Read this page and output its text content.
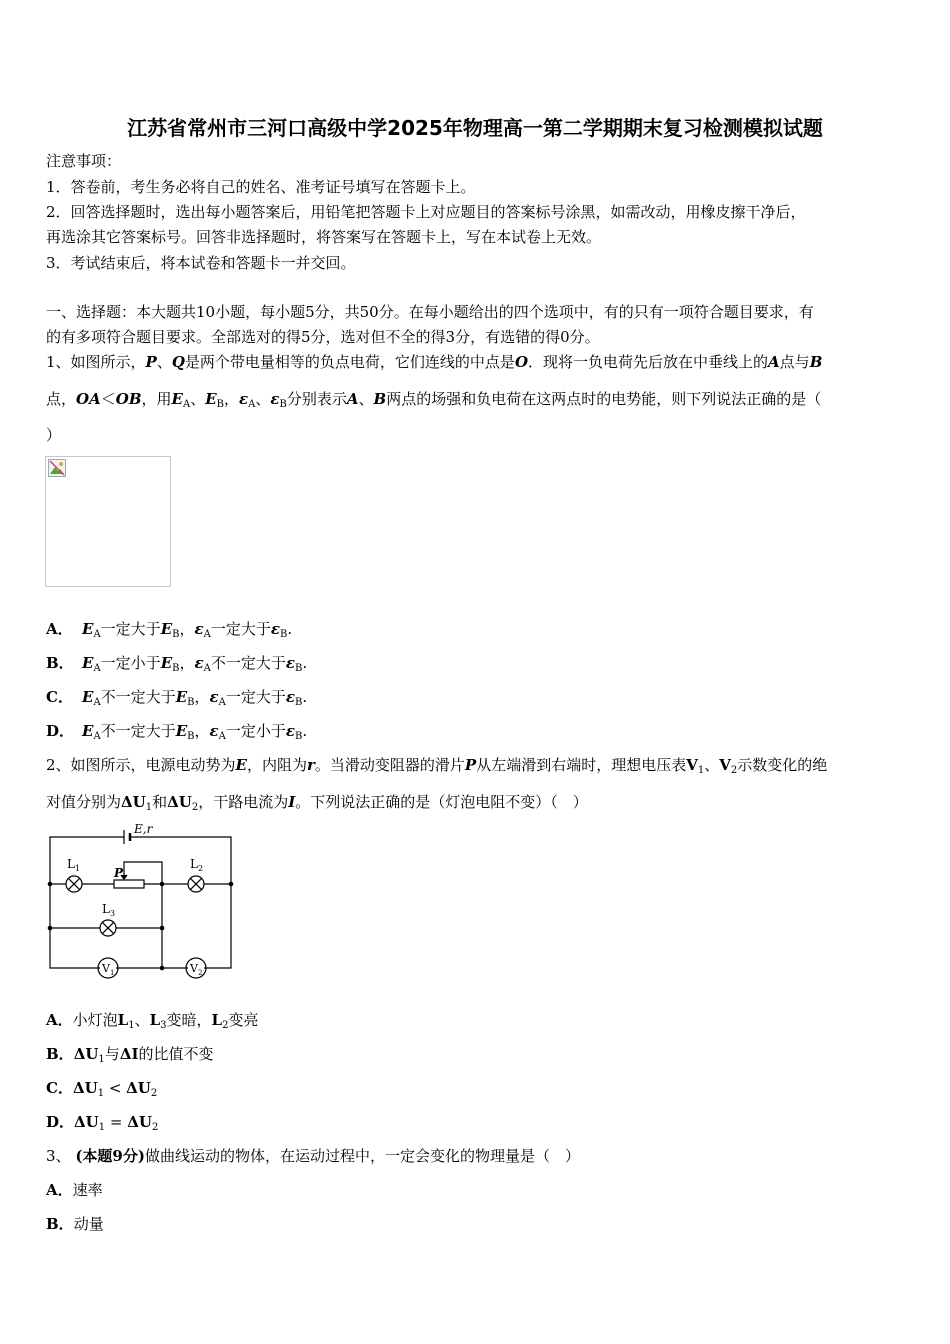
江苏省常州市三河口高级中学2025年物理高一第二学期期末复习检测模拟试题
注意事项：
1．答卷前，考生务必将自己的姓名、准考证号填写在答题卡上。
2．回答选择题时，选出每小题答案后，用铅笔把答题卡上对应题目的答案标号涂黑，如需改动，用橡皮擦干净后，
再选涂其它答案标号。回答非选择题时，将答案写在答题卡上，写在本试卷上无效。
3．考试结束后，将本试卷和答题卡一并交回。
一、选择题：本大题共10小题，每小题5分，共50分。在每小题给出的四个选项中，有的只有一项符合题目要求，有
的有多项符合题目要求。全部选对的得5分，选对但不全的得3分，有选错的得0分。
1、如图所示，P、Q是两个带电量相等的负点电荷，它们连线的中点是O．现将一负电荷先后放在中垂线上的A点与B
点，OA＜OB，用$E_A$、$E_B$，$\varepsilon_A$、$\varepsilon_B$分别表示A、B两点的场强和负电荷在这两点时的电势能，则下列说法正确的是（
）
A． $E_A$一定大于$E_B$，$\varepsilon_A$一定大于$\varepsilon_B$.
B． $E_A$一定小于$E_B$，$\varepsilon_A$不一定大于$\varepsilon_B$.
C． $E_A$不一定大于$E_B$，$\varepsilon_A$一定大于$\varepsilon_B$.
D． $E_A$不一定大于$E_B$，$\varepsilon_A$一定小于$\varepsilon_B$.
2、如图所示，电源电动势为E，内阻为r。当滑动变阻器的滑片P从左端滑到右端时，理想电压表$V_1$、$V_2$示数变化的绝
对值分别为$\Delta U_1$和$\Delta U_2$，干路电流为I。下列说法正确的是（灯泡电阻不变）（　）
E,r
$L_1$	$L_2$
$L_3$
P
$V_1$	$V_2$
A．小灯泡$L_1$、$L_3$变暗，$L_2$变亮
B．$\Delta U_1$与ΔI的比值不变
C．$\Delta U_1 < \Delta U_2$
D．$\Delta U_1 = \Delta U_2$
3、 (本题9分)做曲线运动的物体，在运动过程中，一定会变化的物理量是（　）
A．速率
B．动量
